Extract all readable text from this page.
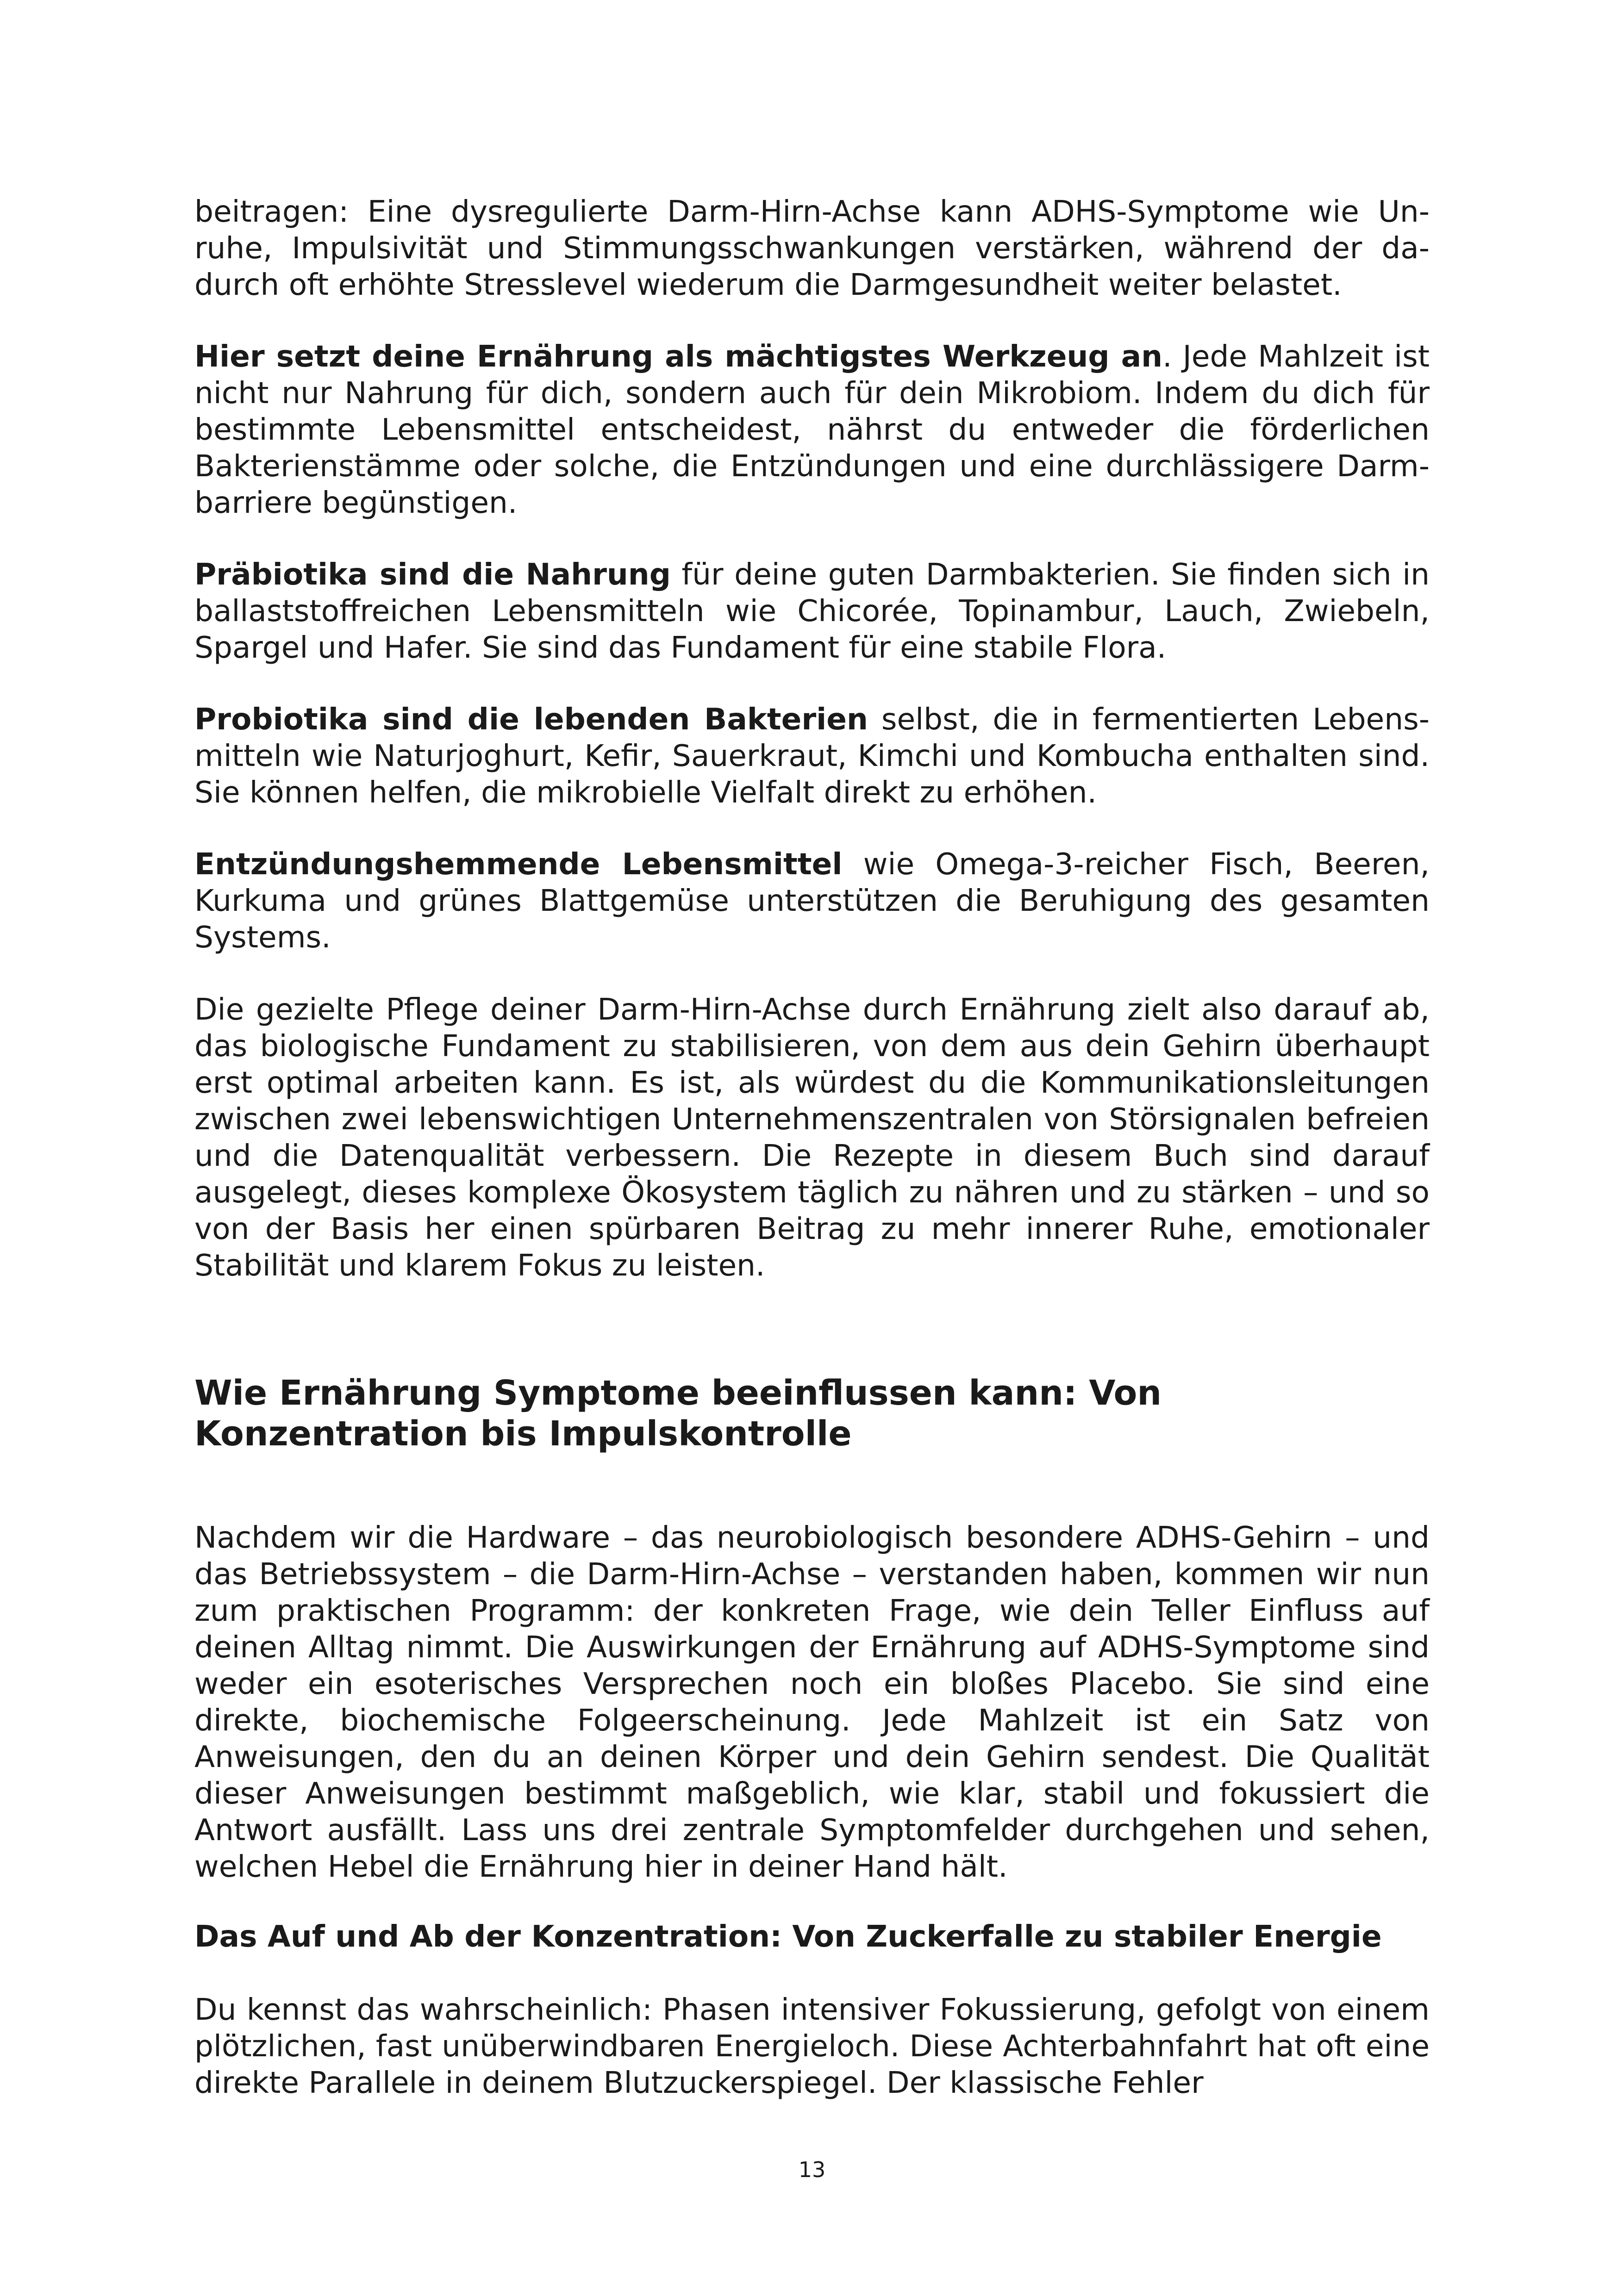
beitragen: Eine dysregulierte Darm-Hirn-Achse kann ADHS-Symptome wie Unruhe, Impulsivität und Stimmungsschwankungen verstärken, während der dadurch oft erhöhte Stresslevel wiederum die Darmgesundheit weiter belastet.

Hier setzt deine Ernährung als mächtigstes Werkzeug an. Jede Mahlzeit ist nicht nur Nahrung für dich, sondern auch für dein Mikrobiom. Indem du dich für bestimmte Lebensmittel entscheidest, nährst du entweder die förderlichen Bakterienstämme oder solche, die Entzündungen und eine durchlässigere Darmbarriere begünstigen.

Präbiotika sind die Nahrung für deine guten Darmbakterien. Sie finden sich in ballaststoffreichen Lebensmitteln wie Chicorée, Topinambur, Lauch, Zwiebeln, Spargel und Hafer. Sie sind das Fundament für eine stabile Flora.

Probiotika sind die lebenden Bakterien selbst, die in fermentierten Lebensmitteln wie Naturjoghurt, Kefir, Sauerkraut, Kimchi und Kombucha enthalten sind. Sie können helfen, die mikrobielle Vielfalt direkt zu erhöhen.

Entzündungshemmende Lebensmittel wie Omega-3-reicher Fisch, Beeren, Kurkuma und grünes Blattgemüse unterstützen die Beruhigung des gesamten Systems.

Die gezielte Pflege deiner Darm-Hirn-Achse durch Ernährung zielt also darauf ab, das biologische Fundament zu stabilisieren, von dem aus dein Gehirn überhaupt erst optimal arbeiten kann. Es ist, als würdest du die Kommunikationsleitungen zwischen zwei lebenswichtigen Unternehmenszentralen von Störsignalen befreien und die Datenqualität verbessern. Die Rezepte in diesem Buch sind darauf ausgelegt, dieses komplexe Ökosystem täglich zu nähren und zu stärken – und so von der Basis her einen spürbaren Beitrag zu mehr innerer Ruhe, emotionaler Stabilität und klarem Fokus zu leisten.

Wie Ernährung Symptome beeinflussen kann: Von Konzentration bis Impulskontrolle

Nachdem wir die Hardware – das neurobiologisch besondere ADHS-Gehirn – und das Betriebssystem – die Darm-Hirn-Achse – verstanden haben, kommen wir nun zum praktischen Programm: der konkreten Frage, wie dein Teller Einfluss auf deinen Alltag nimmt. Die Auswirkungen der Ernährung auf ADHS-Symptome sind weder ein esoterisches Versprechen noch ein bloßes Placebo. Sie sind eine direkte, biochemische Folgeerscheinung. Jede Mahlzeit ist ein Satz von Anweisungen, den du an deinen Körper und dein Gehirn sendest. Die Qualität dieser Anweisungen bestimmt maßgeblich, wie klar, stabil und fokussiert die Antwort ausfällt. Lass uns drei zentrale Symptomfelder durchgehen und sehen, welchen Hebel die Ernährung hier in deiner Hand hält.

Das Auf und Ab der Konzentration: Von Zuckerfalle zu stabiler Energie

Du kennst das wahrscheinlich: Phasen intensiver Fokussierung, gefolgt von einem plötzlichen, fast unüberwindbaren Energieloch. Diese Achterbahnfahrt hat oft eine direkte Parallele in deinem Blutzuckerspiegel. Der klassische Fehler

13
